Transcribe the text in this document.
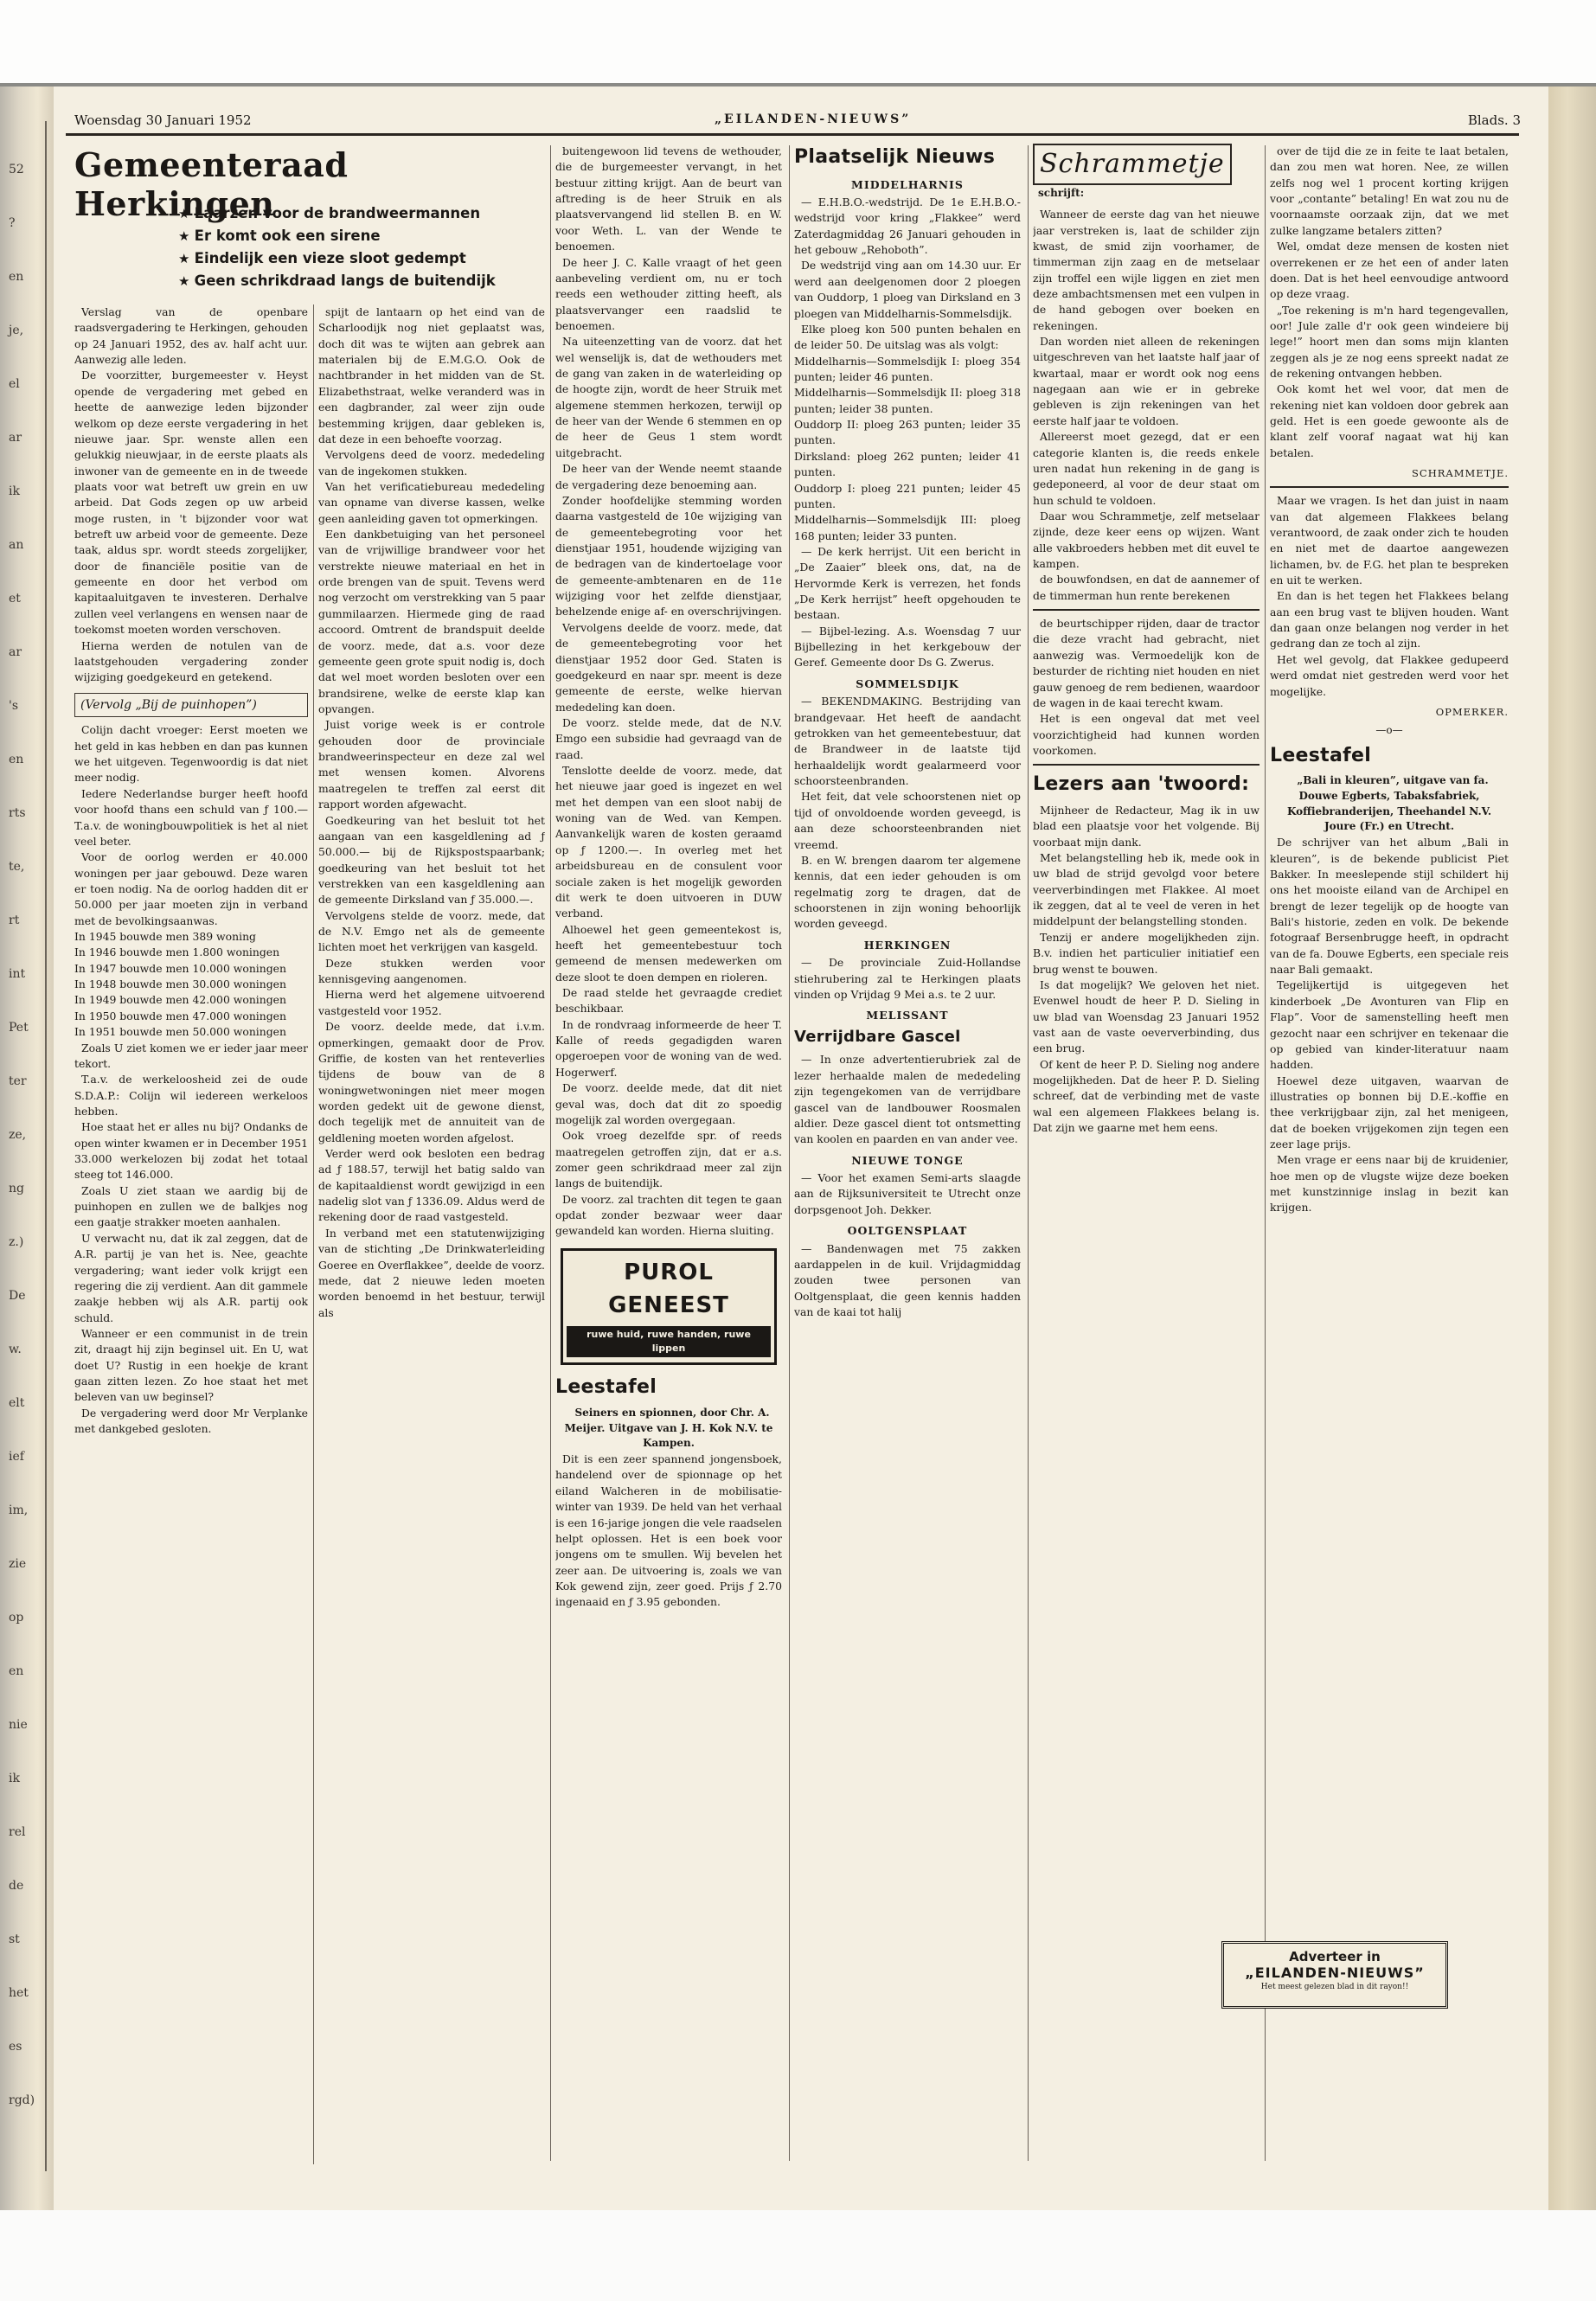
52
?
en
je,
el
ar
ik
an
et
ar
's
en
rts
te,
rt
int
Pet
ter
ze,
ng
z.)
De
w.
elt
ief
im,
zie
op
en
nie
ik
rel
de
st
het
es
rgd)
Woensdag 30 Januari 1952	„EILANDEN-NIEUWS”	Blads. 3
Gemeenteraad Herkingen
★ Laarzen voor de brandweermannen
★ Er komt ook een sirene
★ Eindelijk een vieze sloot gedempt
★ Geen schrikdraad langs de buitendijk

Verslag van de openbare raadsvergadering te Herkingen, gehouden op 24 Januari 1952, des av. half acht uur. Aanwezig alle leden.

De voorzitter, burgemeester v. Heyst opende de vergadering met gebed en heette de aanwezige leden bijzonder welkom op deze eerste vergadering in het nieuwe jaar. Spr. wenste allen een gelukkig nieuwjaar, in de eerste plaats als inwoner van de gemeente en in de tweede plaats voor wat betreft uw grein en uw arbeid. Dat Gods zegen op uw arbeid moge rusten, in 't bijzonder voor wat betreft uw arbeid voor de gemeente. Deze taak, aldus spr. wordt steeds zorgelijker, door de financiële positie van de gemeente en door het verbod om kapitaaluitgaven te investeren. Derhalve zullen veel verlangens en wensen naar de toekomst moeten worden verschoven.

Hierna werden de notulen van de laatstgehouden vergadering zonder wijziging goedgekeurd en getekend.

(Vervolg „Bij de puinhopen”)

Colijn dacht vroeger: Eerst moeten we het geld in kas hebben en dan pas kunnen we het uitgeven. Tegenwoordig is dat niet meer nodig.

Iedere Nederlandse burger heeft hoofd voor hoofd thans een schuld van ƒ 100.— T.a.v. de woningbouwpolitiek is het al niet veel beter.

Voor de oorlog werden er 40.000 woningen per jaar gebouwd. Deze waren er toen nodig. Na de oorlog hadden dit er 50.000 per jaar moeten zijn in verband met de bevolkingsaanwas.

In 1945 bouwde men 389 woning
In 1946 bouwde men 1.800 woningen
In 1947 bouwde men 10.000 woningen
In 1948 bouwde men 30.000 woningen
In 1949 bouwde men 42.000 woningen
In 1950 bouwde men 47.000 woningen
In 1951 bouwde men 50.000 woningen

Zoals U ziet komen we er ieder jaar meer tekort.

T.a.v. de werkeloosheid zei de oude S.D.A.P.: Colijn wil iedereen werkeloos hebben.

Hoe staat het er alles nu bij? Ondanks de open winter kwamen er in December 1951 33.000 werkelozen bij zodat het totaal steeg tot 146.000.

Zoals U ziet staan we aardig bij de puinhopen en zullen we de balkjes nog een gaatje strakker moeten aanhalen.

U verwacht nu, dat ik zal zeggen, dat de A.R. partij je van het is. Nee, geachte vergadering; want ieder volk krijgt een regering die zij verdient. Aan dit gammele zaakje hebben wij als A.R. partij ook schuld.

Wanneer er een communist in de trein zit, draagt hij zijn beginsel uit. En U, wat doet U? Rustig in een hoekje de krant gaan zitten lezen. Zo hoe staat het met beleven van uw beginsel?

De vergadering werd door Mr Verplanke met dankgebed gesloten.

spijt de lantaarn op het eind van de Scharloodijk nog niet geplaatst was, doch dit was te wijten aan gebrek aan materialen bij de E.M.G.O. Ook de nachtbrander in het midden van de St. Elizabethstraat, welke veranderd was in een dagbrander, zal weer zijn oude bestemming krijgen, daar gebleken is, dat deze in een behoefte voorzag.

Vervolgens deed de voorz. mededeling van de ingekomen stukken.

Van het verificatiebureau mededeling van opname van diverse kassen, welke geen aanleiding gaven tot opmerkingen.

Een dankbetuiging van het personeel van de vrijwillige brandweer voor het verstrekte nieuwe materiaal en het in orde brengen van de spuit. Tevens werd nog verzocht om verstrekking van 5 paar gummilaarzen. Hiermede ging de raad accoord. Omtrent de brandspuit deelde de voorz. mede, dat a.s. voor deze gemeente geen grote spuit nodig is, doch dat wel moet worden besloten over een brandsirene, welke de eerste klap kan opvangen.

Juist vorige week is er controle gehouden door de provinciale brandweerinspecteur en deze zal wel met wensen komen. Alvorens maatregelen te treffen zal eerst dit rapport worden afgewacht.

Goedkeuring van het besluit tot het aangaan van een kasgeldlening ad ƒ 50.000.— bij de Rijkspostspaarbank; goedkeuring van het besluit tot het verstrekken van een kasgeldlening aan de gemeente Dirksland van ƒ 35.000.—.

Vervolgens stelde de voorz. mede, dat de N.V. Emgo net als de gemeente lichten moet het verkrijgen van kasgeld.

Deze stukken werden voor kennisgeving aangenomen.

Hierna werd het algemene uitvoerend vastgesteld voor 1952.

De voorz. deelde mede, dat i.v.m. opmerkingen, gemaakt door de Prov. Griffie, de kosten van het renteverlies tijdens de bouw van de 8 woningwetwoningen niet meer mogen worden gedekt uit de gewone dienst, doch tegelijk met de annuiteit van de geldlening moeten worden afgelost.

Verder werd ook besloten een bedrag ad ƒ 188.57, terwijl het batig saldo van de kapitaaldienst wordt gewijzigd in een nadelig slot van ƒ 1336.09. Aldus werd de rekening door de raad vastgesteld.

In verband met een statutenwijziging van de stichting „De Drinkwaterleiding Goeree en Overflakkee”, deelde de voorz. mede, dat 2 nieuwe leden moeten worden benoemd in het bestuur, terwijl als

buitengewoon lid tevens de wethouder, die de burgemeester vervangt, in het bestuur zitting krijgt. Aan de beurt van aftreding is de heer Struik en als plaatsvervangend lid stellen B. en W. voor Weth. L. van der Wende te benoemen.

De heer J. C. Kalle vraagt of het geen aanbeveling verdient om, nu er toch reeds een wethouder zitting heeft, als plaatsvervanger een raadslid te benoemen.

Na uiteenzetting van de voorz. dat het wel wenselijk is, dat de wethouders met de gang van zaken in de waterleiding op de hoogte zijn, wordt de heer Struik met algemene stemmen herkozen, terwijl op de heer van der Wende 6 stemmen en op de heer de Geus 1 stem wordt uitgebracht.

De heer van der Wende neemt staande de vergadering deze benoeming aan.

Zonder hoofdelijke stemming worden daarna vastgesteld de 10e wijziging van de gemeentebegroting voor het dienstjaar 1951, houdende wijziging van de bedragen van de kindertoelage voor de gemeente-ambtenaren en de 11e wijziging voor het zelfde dienstjaar, behelzende enige af- en overschrijvingen.

Vervolgens deelde de voorz. mede, dat de gemeentebegroting voor het dienstjaar 1952 door Ged. Staten is goedgekeurd en naar spr. meent is deze gemeente de eerste, welke hiervan mededeling kan doen.

De voorz. stelde mede, dat de N.V. Emgo een subsidie had gevraagd van de raad.

Tenslotte deelde de voorz. mede, dat het nieuwe jaar goed is ingezet en wel met het dempen van een sloot nabij de woning van de Wed. van Kempen. Aanvankelijk waren de kosten geraamd op ƒ 1200.—. In overleg met het arbeidsbureau en de consulent voor sociale zaken is het mogelijk geworden dit werk te doen uitvoeren in DUW verband.

Alhoewel het geen gemeentekost is, heeft het gemeentebestuur toch gemeend de mensen medewerken om deze sloot te doen dempen en rioleren.

De raad stelde het gevraagde crediet beschikbaar.

In de rondvraag informeerde de heer T. Kalle of reeds gegadigden waren opgeroepen voor de woning van de wed. Hogerwerf.

De voorz. deelde mede, dat dit niet geval was, doch dat dit zo spoedig mogelijk zal worden overgegaan.

Ook vroeg dezelfde spr. of reeds maatregelen getroffen zijn, dat er a.s. zomer geen schrikdraad meer zal zijn langs de buitendijk.

De voorz. zal trachten dit tegen te gaan opdat zonder bezwaar weer daar gewandeld kan worden. Hierna sluiting.

PUROL GENEEST
ruwe huid, ruwe handen, ruwe lippen
Leestafel

Seiners en spionnen, door Chr. A. Meijer. Uitgave van J. H. Kok N.V. te Kampen.

Dit is een zeer spannend jongensboek, handelend over de spionnage op het eiland Walcheren in de mobilisatie-winter van 1939. De held van het verhaal is een 16-jarige jongen die vele raadselen helpt oplossen. Het is een boek voor jongens om te smullen. Wij bevelen het zeer aan. De uitvoering is, zoals we van Kok gewend zijn, zeer goed. Prijs ƒ 2.70 ingenaaid en ƒ 3.95 gebonden.

Plaatselijk Nieuws
MIDDELHARNIS

— E.H.B.O.-wedstrijd. De 1e E.H.B.O.-wedstrijd voor kring „Flakkee” werd Zaterdagmiddag 26 Januari gehouden in het gebouw „Rehoboth”.

De wedstrijd ving aan om 14.30 uur. Er werd aan deelgenomen door 2 ploegen van Ouddorp, 1 ploeg van Dirksland en 3 ploegen van Middelharnis-Sommelsdijk.

Elke ploeg kon 500 punten behalen en de leider 50. De uitslag was als volgt:

Middelharnis—Sommelsdijk I: ploeg 354 punten; leider 46 punten.
Middelharnis—Sommelsdijk II: ploeg 318 punten; leider 38 punten.
Ouddorp II: ploeg 263 punten; leider 35 punten.
Dirksland: ploeg 262 punten; leider 41 punten.
Ouddorp I: ploeg 221 punten; leider 45 punten.
Middelharnis—Sommelsdijk III: ploeg 168 punten; leider 33 punten.

— De kerk herrijst. Uit een bericht in „De Zaaier” bleek ons, dat, na de Hervormde Kerk is verrezen, het fonds „De Kerk herrijst” heeft opgehouden te bestaan.

— Bijbel-lezing. A.s. Woensdag 7 uur Bijbellezing in het kerkgebouw der Geref. Gemeente door Ds G. Zwerus.

SOMMELSDIJK

— BEKENDMAKING. Bestrijding van brandgevaar. Het heeft de aandacht getrokken van het gemeentebestuur, dat de Brandweer in de laatste tijd herhaaldelijk wordt gealarmeerd voor schoorsteenbranden.

Het feit, dat vele schoorstenen niet op tijd of onvoldoende worden geveegd, is aan deze schoorsteenbranden niet vreemd.

B. en W. brengen daarom ter algemene kennis, dat een ieder gehouden is om regelmatig zorg te dragen, dat de schoorstenen in zijn woning behoorlijk worden geveegd.

HERKINGEN

— De provinciale Zuid-Hollandse stiehrubering zal te Herkingen plaats vinden op Vrijdag 9 Mei a.s. te 2 uur.

MELISSANT
Verrijdbare Gascel

— In onze advertentierubriek zal de lezer herhaalde malen de mededeling zijn tegengekomen van de verrijdbare gascel van de landbouwer Roosmalen aldier. Deze gascel dient tot ontsmetting van koolen en paarden en van ander vee.

NIEUWE TONGE

— Voor het examen Semi-arts slaagde aan de Rijksuniversiteit te Utrecht onze dorpsgenoot Joh. Dekker.

OOLTGENSPLAAT

— Bandenwagen met 75 zakken aardappelen in de kuil. Vrijdagmiddag zouden twee personen van Ooltgensplaat, die geen kennis hadden van de kaai tot halij

Schrammetje schrijft:

Wanneer de eerste dag van het nieuwe jaar verstreken is, laat de schilder zijn kwast, de smid zijn voorhamer, de timmerman zijn zaag en de metselaar zijn troffel een wijle liggen en ziet men deze ambachtsmensen met een vulpen in de hand gebogen over boeken en rekeningen.

Dan worden niet alleen de rekeningen uitgeschreven van het laatste half jaar of kwartaal, maar er wordt ook nog eens nagegaan aan wie er in gebreke gebleven is zijn rekeningen van het eerste half jaar te voldoen.

Allereerst moet gezegd, dat er een categorie klanten is, die reeds enkele uren nadat hun rekening in de gang is gedeponeerd, al voor de deur staat om hun schuld te voldoen.

Daar wou Schrammetje, zelf metselaar zijnde, deze keer eens op wijzen. Want alle vakbroeders hebben met dit euvel te kampen.

de bouwfondsen, en dat de aannemer of de timmerman hun rente berekenen

de beurtschipper rijden, daar de tractor die deze vracht had gebracht, niet aanwezig was. Vermoedelijk kon de besturder de richting niet houden en niet gauw genoeg de rem bedienen, waardoor de wagen in de kaai terecht kwam.

Het is een ongeval dat met veel voorzichtigheid had kunnen worden voorkomen.

Lezers aan 'twoord:

Mijnheer de Redacteur, Mag ik in uw blad een plaatsje voor het volgende. Bij voorbaat mijn dank.

Met belangstelling heb ik, mede ook in uw blad de strijd gevolgd voor betere veerverbindingen met Flakkee. Al moet ik zeggen, dat al te veel de veren in het middelpunt der belangstelling stonden.

Tenzij er andere mogelijkheden zijn. B.v. indien het particulier initiatief een brug wenst te bouwen.

Is dat mogelijk? We geloven het niet. Evenwel houdt de heer P. D. Sieling in uw blad van Woensdag 23 Januari 1952 vast aan de vaste oeververbinding, dus een brug.

Of kent de heer P. D. Sieling nog andere mogelijkheden. Dat de heer P. D. Sieling schreef, dat de verbinding met de vaste wal een algemeen Flakkees belang is. Dat zijn we gaarne met hem eens.

over de tijd die ze in feite te laat betalen, dan zou men wat horen. Nee, ze willen zelfs nog wel 1 procent korting krijgen voor „contante” betaling! En wat zou nu de voornaamste oorzaak zijn, dat we met zulke langzame betalers zitten?

Wel, omdat deze mensen de kosten niet overrekenen er ze het een of ander laten doen. Dat is het heel eenvoudige antwoord op deze vraag.

„Toe rekening is m'n hard tegengevallen, oor! Jule zalle d'r ook geen windeiere bij lege!” hoort men dan soms mijn klanten zeggen als je ze nog eens spreekt nadat ze de rekening ontvangen hebben.

Ook komt het wel voor, dat men de rekening niet kan voldoen door gebrek aan geld. Het is een goede gewoonte als de klant zelf vooraf nagaat wat hij kan betalen.

SCHRAMMETJE.

Maar we vragen. Is het dan juist in naam van dat algemeen Flakkees belang verantwoord, de zaak onder zich te houden en niet met de daartoe aangewezen lichamen, bv. de F.G. het plan te bespreken en uit te werken.

En dan is het tegen het Flakkees belang aan een brug vast te blijven houden. Want dan gaan onze belangen nog verder in het gedrang dan ze toch al zijn.

Het wel gevolg, dat Flakkee gedupeerd werd omdat niet gestreden werd voor het mogelijke.

OPMERKER.
—o—
Leestafel

„Bali in kleuren”, uitgave van fa. Douwe Egberts, Tabaksfabriek, Koffiebranderijen, Theehandel N.V. Joure (Fr.) en Utrecht.

De schrijver van het album „Bali in kleuren”, is de bekende publicist Piet Bakker. In meeslepende stijl schildert hij ons het mooiste eiland van de Archipel en brengt de lezer tegelijk op de hoogte van Bali's historie, zeden en volk. De bekende fotograaf Bersenbrugge heeft, in opdracht van de fa. Douwe Egberts, een speciale reis naar Bali gemaakt.

Tegelijkertijd is uitgegeven het kinderboek „De Avonturen van Flip en Flap”. Voor de samenstelling heeft men gezocht naar een schrijver en tekenaar die op gebied van kinder-literatuur naam hadden.

Hoewel deze uitgaven, waarvan de illustraties op bonnen bij D.E.-koffie en thee verkrijgbaar zijn, zal het menigeen, dat de boeken vrijgekomen zijn tegen een zeer lage prijs.

Men vrage er eens naar bij de kruidenier, hoe men op de vlugste wijze deze boeken met kunstzinnige inslag in bezit kan krijgen.

Adverteer in
„EILANDEN-NIEUWS”
Het meest gelezen blad in dit rayon!!
